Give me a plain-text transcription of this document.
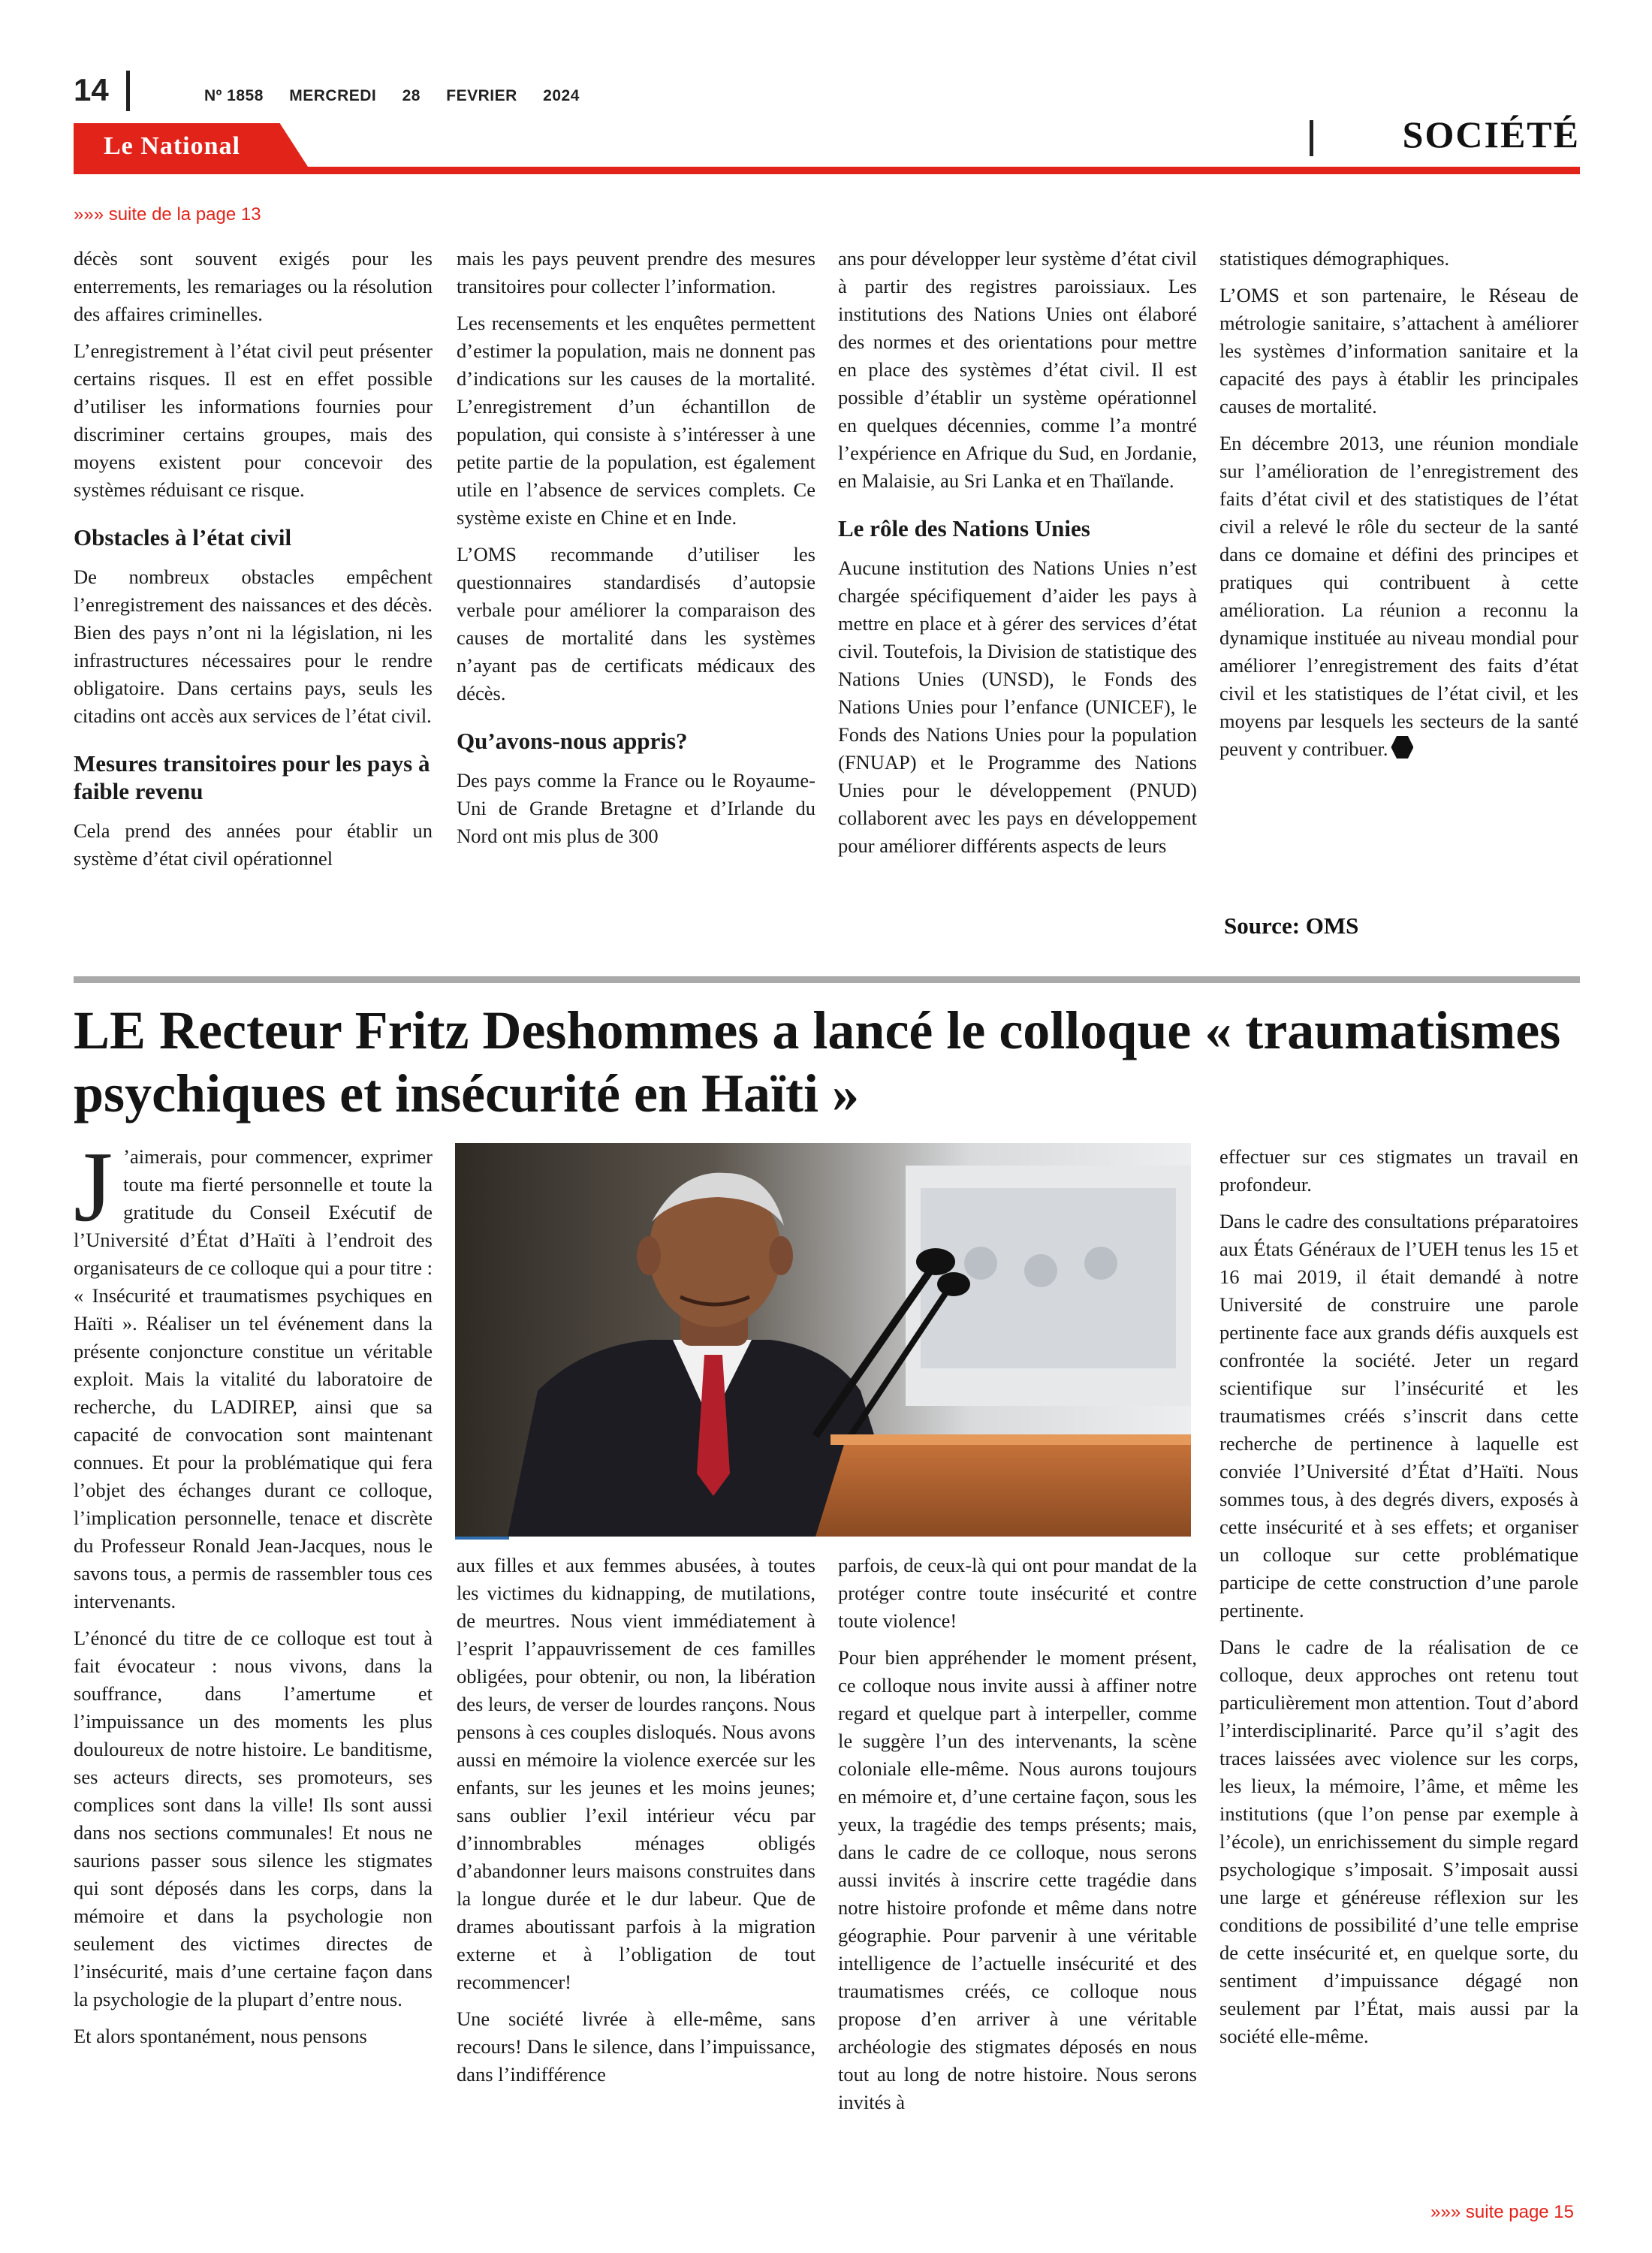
14	Nº 1858 MERCREDI 28 FEVRIER 2024
Le National	SOCIÉTÉ
»»» suite de la page 13

décès sont souvent exigés pour les enterrements, les remariages ou la résolution des affaires criminelles.

L’enregistrement à l’état civil peut présenter certains risques. Il est en effet possible d’utiliser les informations fournies pour discriminer certains groupes, mais des moyens existent pour concevoir des systèmes réduisant ce risque.

Obstacles à l’état civil

De nombreux obstacles empêchent l’enregistrement des naissances et des décès. Bien des pays n’ont ni la législation, ni les infrastructures nécessaires pour le rendre obligatoire. Dans certains pays, seuls les citadins ont accès aux services de l’état civil.

Mesures transitoires pour les pays à faible revenu

Cela prend des années pour établir un système d’état civil opérationnel

mais les pays peuvent prendre des mesures transitoires pour collecter l’information.

Les recensements et les enquêtes permettent d’estimer la population, mais ne donnent pas d’indications sur les causes de la mortalité. L’enregistrement d’un échantillon de population, qui consiste à s’intéresser à une petite partie de la population, est également utile en l’absence de services complets. Ce système existe en Chine et en Inde.

L’OMS recommande d’utiliser les questionnaires standardisés d’autopsie verbale pour améliorer la comparaison des causes de mortalité dans les systèmes n’ayant pas de certificats médicaux des décès.

Qu’avons-nous appris?

Des pays comme la France ou le Royaume-Uni de Grande Bretagne et d’Irlande du Nord ont mis plus de 300

ans pour développer leur système d’état civil à partir des registres paroissiaux. Les institutions des Nations Unies ont élaboré des normes et des orientations pour mettre en place des systèmes d’état civil. Il est possible d’établir un système opérationnel en quelques décennies, comme l’a montré l’expérience en Afrique du Sud, en Jordanie, en Malaisie, au Sri Lanka et en Thaïlande.

Le rôle des Nations Unies

Aucune institution des Nations Unies n’est chargée spécifiquement d’aider les pays à mettre en place et à gérer des services d’état civil. Toutefois, la Division de statistique des Nations Unies (UNSD), le Fonds des Nations Unies pour l’enfance (UNICEF), le Fonds des Nations Unies pour la population (FNUAP) et le Programme des Nations Unies pour le développement (PNUD) collaborent avec les pays en développement pour améliorer différents aspects de leurs

statistiques démographiques.

L’OMS et son partenaire, le Réseau de métrologie sanitaire, s’attachent à améliorer les systèmes d’information sanitaire et la capacité des pays à établir les principales causes de mortalité.

En décembre 2013, une réunion mondiale sur l’amélioration de l’enregistrement des faits d’état civil et des statistiques de l’état civil a relevé le rôle du secteur de la santé dans ce domaine et défini des principes et pratiques qui contribuent à cette amélioration. La réunion a reconnu la dynamique instituée au niveau mondial pour améliorer l’enregistrement des faits d’état civil et les statistiques de l’état civil, et les moyens par lesquels les secteurs de la santé peuvent y contribuer.

Source: OMS
LE Recteur Fritz Deshommes a lancé le colloque « traumatismes psychiques et insécurité en Haïti »

J ’aimerais, pour commencer, exprimer toute ma fierté personnelle et toute la gratitude du Conseil Exécutif de l’Université d’État d’Haïti à l’endroit des organisateurs de ce colloque qui a pour titre : « Insécurité et traumatismes psychiques en Haïti ». Réaliser un tel événement dans la présente conjoncture constitue un véritable exploit. Mais la vitalité du laboratoire de recherche, du LADIREP, ainsi que sa capacité de convocation sont maintenant connues. Et pour la problématique qui fera l’objet des échanges durant ce colloque, l’implication personnelle, tenace et discrète du Professeur Ronald Jean-Jacques, nous le savons tous, a permis de rassembler tous ces intervenants.

L’énoncé du titre de ce colloque est tout à fait évocateur : nous vivons, dans la souffrance, dans l’amertume et l’impuissance un des moments les plus douloureux de notre histoire. Le banditisme, ses acteurs directs, ses promoteurs, ses complices sont dans la ville! Ils sont aussi dans nos sections communales! Et nous ne saurions passer sous silence les stigmates qui sont déposés dans les corps, dans la mémoire et dans la psychologie non seulement des victimes directes de l’insécurité, mais d’une certaine façon dans la psychologie de la plupart d’entre nous.

Et alors spontanément, nous pensons

aux filles et aux femmes abusées, à toutes les victimes du kidnapping, de mutilations, de meurtres. Nous vient immédiatement à l’esprit l’appauvrissement de ces familles obligées, pour obtenir, ou non, la libération des leurs, de verser de lourdes rançons. Nous pensons à ces couples disloqués. Nous avons aussi en mémoire la violence exercée sur les enfants, sur les jeunes et les moins jeunes; sans oublier l’exil intérieur vécu par d’innombrables ménages obligés d’abandonner leurs maisons construites dans la longue durée et le dur labeur. Que de drames aboutissant parfois à la migration externe et à l’obligation de tout recommencer!

Une société livrée à elle-même, sans recours! Dans le silence, dans l’impuissance, dans l’indifférence

parfois, de ceux-là qui ont pour mandat de la protéger contre toute insécurité et contre toute violence!

Pour bien appréhender le moment présent, ce colloque nous invite aussi à affiner notre regard et quelque part à interpeller, comme le suggère l’un des intervenants, la scène coloniale elle-même. Nous aurons toujours en mémoire et, d’une certaine façon, sous les yeux, la tragédie des temps présents; mais, dans le cadre de ce colloque, nous serons aussi invités à inscrire cette tragédie dans notre histoire profonde et même dans notre géographie. Pour parvenir à une véritable intelligence de l’actuelle insécurité et des traumatismes créés, ce colloque nous propose d’en arriver à une véritable archéologie des stigmates déposés en nous tout au long de notre histoire. Nous serons invités à

effectuer sur ces stigmates un travail en profondeur.

Dans le cadre des consultations préparatoires aux États Généraux de l’UEH tenus les 15 et 16 mai 2019, il était demandé à notre Université de construire une parole pertinente face aux grands défis auxquels est confrontée la société. Jeter un regard scientifique sur l’insécurité et les traumatismes créés s’inscrit dans cette recherche de pertinence à laquelle est conviée l’Université d’État d’Haïti. Nous sommes tous, à des degrés divers, exposés à cette insécurité et à ses effets; et organiser un colloque sur cette problématique participe de cette construction d’une parole pertinente.

Dans le cadre de la réalisation de ce colloque, deux approches ont retenu tout particulièrement mon attention. Tout d’abord l’interdisciplinarité. Parce qu’il s’agit des traces laissées avec violence sur les corps, les lieux, la mémoire, l’âme, et même les institutions (que l’on pense par exemple à l’école), un enrichissement du simple regard psychologique s’imposait. S’imposait aussi une large et généreuse réflexion sur les conditions de possibilité d’une telle emprise de cette insécurité et, en quelque sorte, du sentiment d’impuissance dégagé non seulement par l’État, mais aussi par la société elle-même.

»»» suite page 15
